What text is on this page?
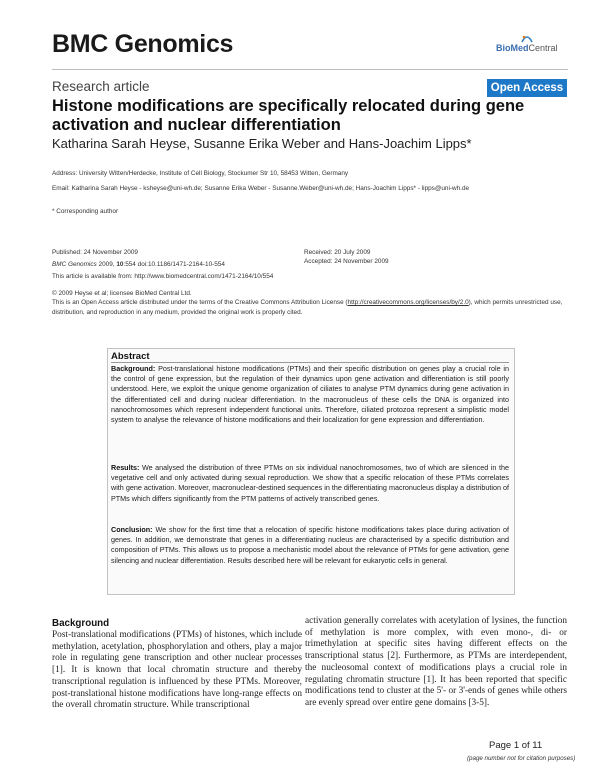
BMC Genomics	BioMedCentral
Research article	Open Access
Histone modifications are specifically relocated during gene activation and nuclear differentiation
Katharina Sarah Heyse, Susanne Erika Weber and Hans-Joachim Lipps*
Address: University Witten/Herdecke, Institute of Cell Biology, Stockumer Str 10, 58453 Witten, Germany
Email: Katharina Sarah Heyse - ksheyse@uni-wh.de; Susanne Erika Weber - Susanne.Weber@uni-wh.de; Hans-Joachim Lipps* - lipps@uni-wh.de
* Corresponding author
Published: 24 November 2009
BMC Genomics 2009, 10:554 doi:10.1186/1471-2164-10-554
Received: 20 July 2009
Accepted: 24 November 2009
This article is available from: http://www.biomedcentral.com/1471-2164/10/554
© 2009 Heyse et al; licensee BioMed Central Ltd.
This is an Open Access article distributed under the terms of the Creative Commons Attribution License (http://creativecommons.org/licenses/by/2.0), which permits unrestricted use, distribution, and reproduction in any medium, provided the original work is properly cited.
Abstract
Background: Post-translational histone modifications (PTMs) and their specific distribution on genes play a crucial role in the control of gene expression, but the regulation of their dynamics upon gene activation and differentiation is still poorly understood. Here, we exploit the unique genome organization of ciliates to analyse PTM dynamics during gene activation in the differentiated cell and during nuclear differentiation. In the macronucleus of these cells the DNA is organized into nanochromosomes which represent independent functional units. Therefore, ciliated protozoa represent a simplistic model system to analyse the relevance of histone modifications and their localization for gene expression and differentiation.
Results: We analysed the distribution of three PTMs on six individual nanochromosomes, two of which are silenced in the vegetative cell and only activated during sexual reproduction. We show that a specific relocation of these PTMs correlates with gene activation. Moreover, macronuclear-destined sequences in the differentiating macronucleus display a distribution of PTMs which differs significantly from the PTM patterns of actively transcribed genes.
Conclusion: We show for the first time that a relocation of specific histone modifications takes place during activation of genes. In addition, we demonstrate that genes in a differentiating nucleus are characterised by a specific distribution and composition of PTMs. This allows us to propose a mechanistic model about the relevance of PTMs for gene activation, gene silencing and nuclear differentiation. Results described here will be relevant for eukaryotic cells in general.
Background
Post-translational modifications (PTMs) of histones, which include methylation, acetylation, phosphorylation and others, play a major role in regulating gene transcription and other nuclear processes [1]. It is known that local chromatin structure and thereby transcriptional regulation is influenced by these PTMs. Moreover, post-translational histone modifications have long-range effects on the overall chromatin structure. While transcriptional
activation generally correlates with acetylation of lysines, the function of methylation is more complex, with even mono-, di- or trimethylation at specific sites having different effects on the transcriptional status [2]. Furthermore, as PTMs are interdependent, the nucleosomal context of modifications plays a crucial role in regulating chromatin structure [1]. It has been reported that specific modifications tend to cluster at the 5'- or 3'-ends of genes while others are evenly spread over entire gene domains [3-5].
Page 1 of 11
(page number not for citation purposes)
